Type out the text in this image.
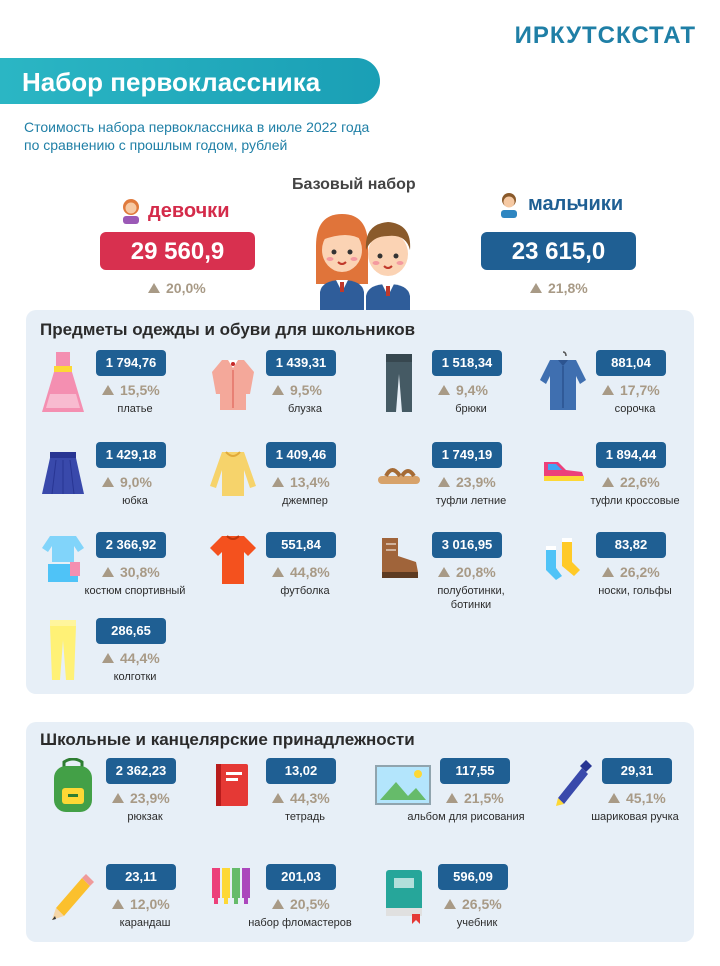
ИРКУТСКСТАТ
Набор первоклассника
Стоимость набора первоклассника в июле 2022 года
по сравнению с прошлым годом, рублей
Базовый набор
девочки	мальчики
29 560,9	23 615,0
20,0%	21,8%
Предметы одежды и обуви для школьников
1 794,76
15,5%
платье
1 439,31
9,5%
блузка
1 518,34
9,4%
брюки
881,04
17,7%
сорочка
1 429,18
9,0%
юбка
1 409,46
13,4%
джемпер
1 749,19
23,9%
туфли летние
1 894,44
22,6%
туфли кроссовые
2 366,92
30,8%
костюм спортивный
551,84
44,8%
футболка
3 016,95
20,8%
полуботинки, ботинки
83,82
26,2%
носки, гольфы
286,65
44,4%
колготки
Школьные и канцелярские принадлежности
2 362,23
23,9%
рюкзак
13,02
44,3%
тетрадь
117,55
21,5%
альбом для рисования
29,31
45,1%
шариковая ручка
23,11
12,0%
карандаш
201,03
20,5%
набор фломастеров
596,09
26,5%
учебник
